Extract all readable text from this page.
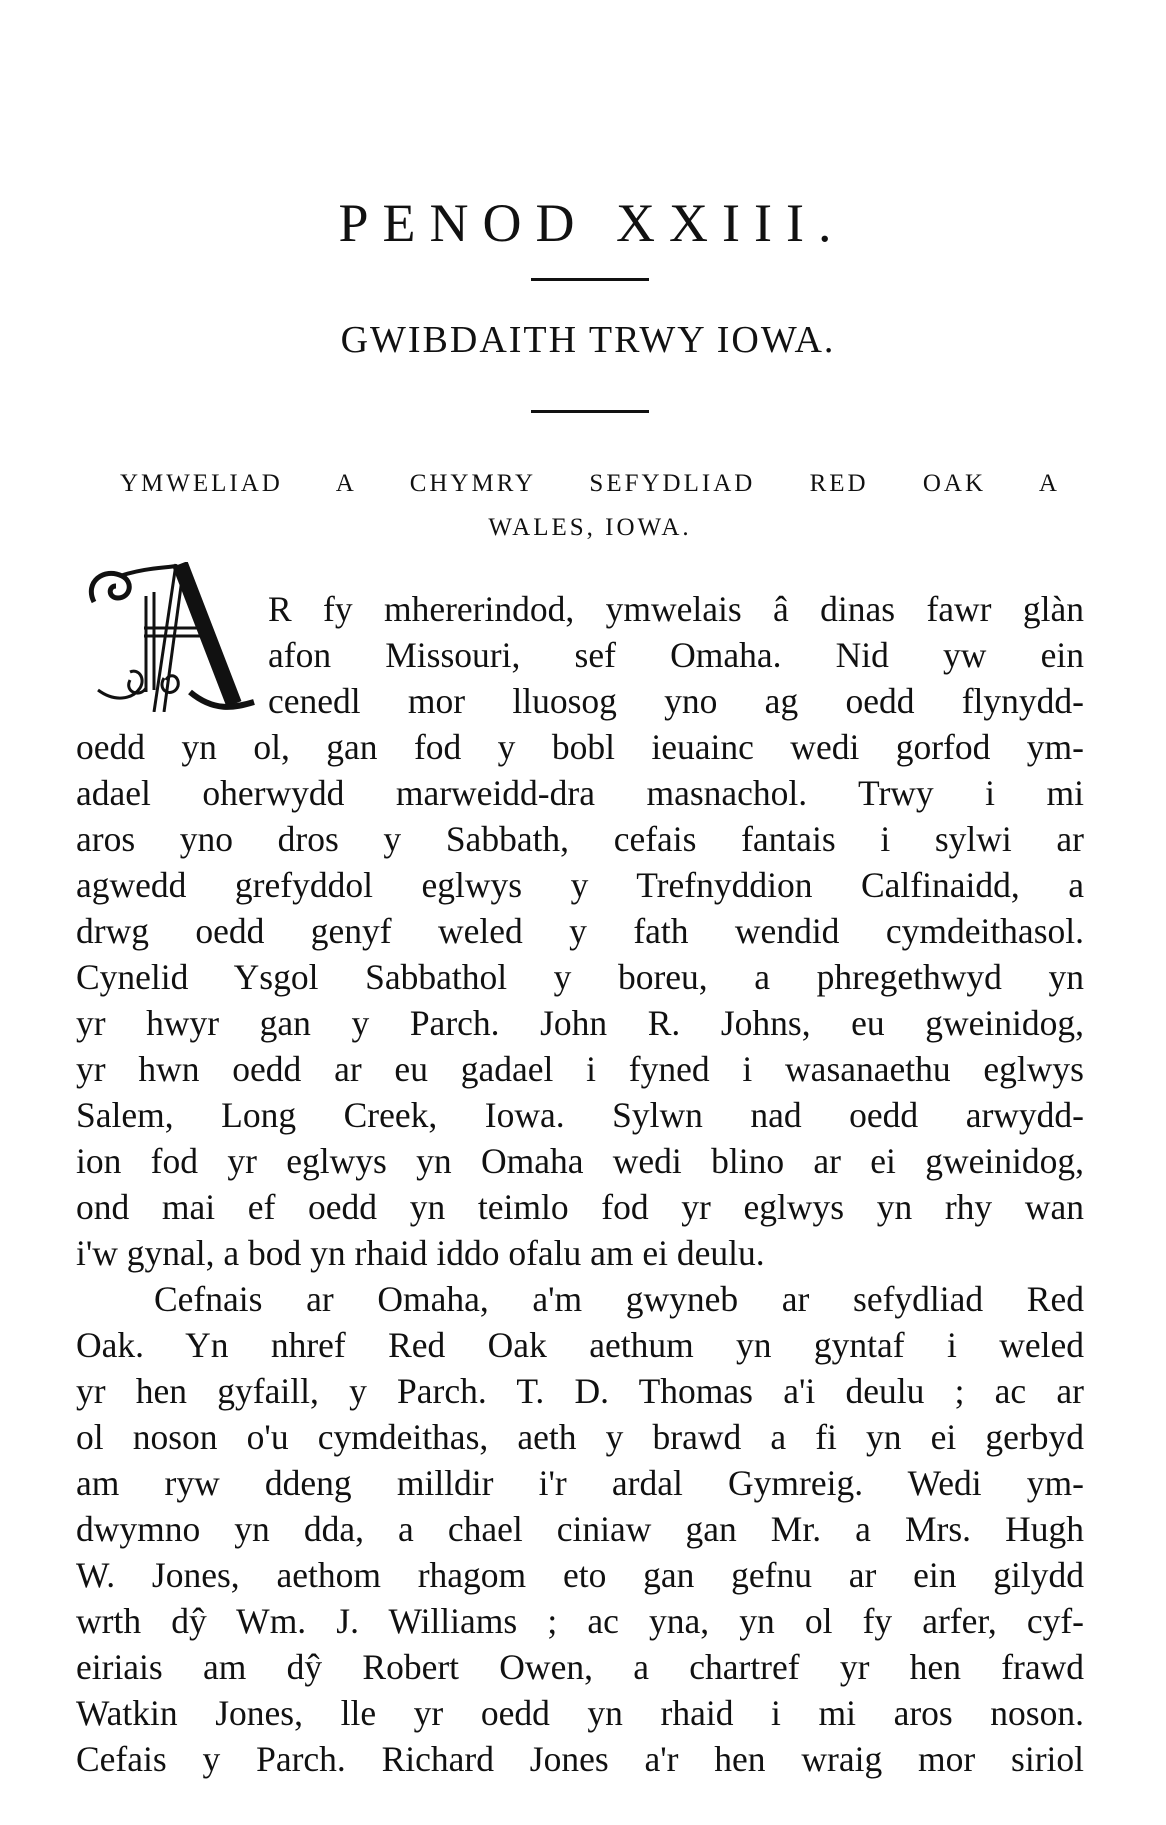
PENOD XXIII.
GWIBDAITH TRWY IOWA.

YMWELIAD A CHYMRY SEFYDLIAD RED OAK A
WALES, IOWA.

A
R fy mhererindod, ymwelais â dinas fawr glàn
afon Missouri, sef Omaha. Nid yw ein
cenedl mor lluosog yno ag oedd flynydd-
oedd yn ol, gan fod y bobl ieuainc wedi gorfod ym-
adael oherwydd marweidd-dra masnachol. Trwy i mi
aros yno dros y Sabbath, cefais fantais i sylwi ar
agwedd grefyddol eglwys y Trefnyddion Calfinaidd, a
drwg oedd genyf weled y fath wendid cymdeithasol.
Cynelid Ysgol Sabbathol y boreu, a phregethwyd yn
yr hwyr gan y Parch. John R. Johns, eu gweinidog,
yr hwn oedd ar eu gadael i fyned i wasanaethu eglwys
Salem, Long Creek, Iowa. Sylwn nad oedd arwydd-
ion fod yr eglwys yn Omaha wedi blino ar ei gweinidog,
ond mai ef oedd yn teimlo fod yr eglwys yn rhy wan
i'w gynal, a bod yn rhaid iddo ofalu am ei deulu.
Cefnais ar Omaha, a'm gwyneb ar sefydliad Red
Oak. Yn nhref Red Oak aethum yn gyntaf i weled
yr hen gyfaill, y Parch. T. D. Thomas a'i deulu ; ac ar
ol noson o'u cymdeithas, aeth y brawd a fi yn ei gerbyd
am ryw ddeng milldir i'r ardal Gymreig. Wedi ym-
dwymno yn dda, a chael ciniaw gan Mr. a Mrs. Hugh
W. Jones, aethom rhagom eto gan gefnu ar ein gilydd
wrth dŷ Wm. J. Williams ; ac yna, yn ol fy arfer, cyf-
eiriais am dŷ Robert Owen, a chartref yr hen frawd
Watkin Jones, lle yr oedd yn rhaid i mi aros noson.
Cefais y Parch. Richard Jones a'r hen wraig mor siriol
